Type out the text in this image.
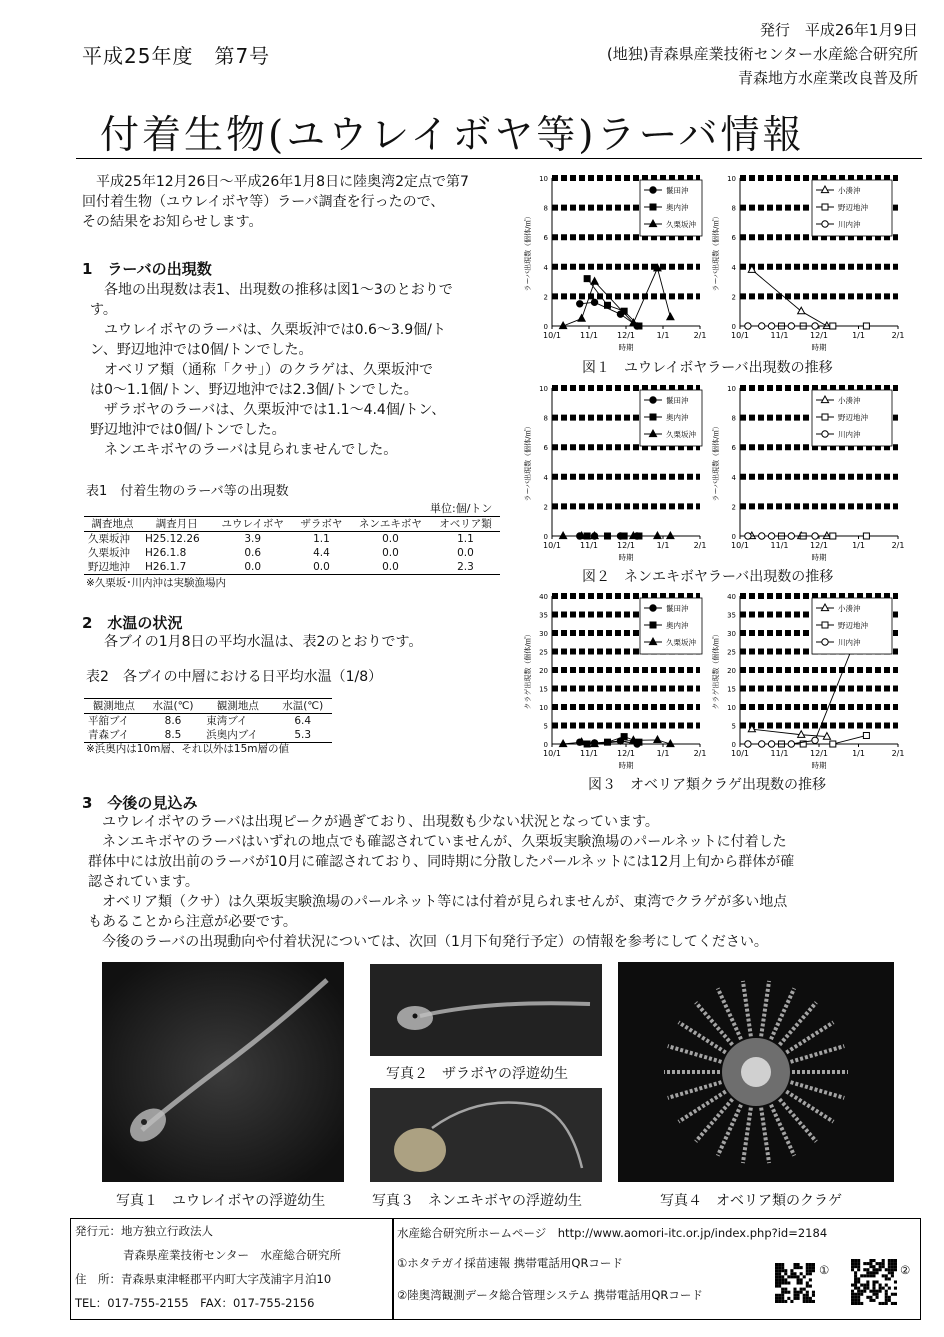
平成25年度　第7号
発行　平成26年1月9日
(地独)青森県産業技術センター水産総合研究所
青森地方水産業改良普及所
付着生物(ユウレイボヤ等)ラーバ情報
平成25年12月26日～平成26年1月8日に陸奥湾2定点で第7
回付着生物（ユウレイボヤ等）ラーバ調査を行ったので、
その結果をお知らせします。
1　ラーバの出現数
各地の出現数は表1、出現数の推移は図1～3のとおりで
す。
ユウレイボヤのラーバは、久栗坂沖では0.6～3.9個/ト
ン、野辺地沖では0個/トンでした。
オベリア類（通称「クサ」）のクラゲは、久栗坂沖で
は0～1.1個/トン、野辺地沖では2.3個/トンでした。
ザラボヤのラーバは、久栗坂沖では1.1～4.4個/トン、
野辺地沖では0個/トンでした。
ネンエキボヤのラーバは見られませんでした。
表1　付着生物のラーバ等の出現数
単位:個/トン
調査地点	調査月日	ユウレイボヤ	ザラボヤ	ネンエキボヤ	オベリア類
久栗坂沖	H25.12.26	3.9	1.1	0.0	1.1
久栗坂沖	H26.1.8	0.6	4.4	0.0	0.0
野辺地沖	H26.1.7	0.0	0.0	0.0	2.3
※久栗坂･川内沖は実験漁場内
2　水温の状況
各ブイの1月8日の平均水温は、表2のとおりです。
表2　各ブイの中層における日平均水温（1/8）
観測地点	水温(℃)	観測地点	水温(℃)
平舘ブイ	8.6	東湾ブイ	6.4
青森ブイ	8.5	浜奥内ブイ	5.3
※浜奥内は10m層、それ以外は15m層の値
0
2
4
6
8
10
10/1 11/1 12/1	1/1	2/1
時期
ラーバ出現数（個体/㎥）
鬣田沖
奥内沖
久栗坂沖
0
2
4
6
8
10
10/1	11/1	12/1	1/1	2/1
時期
ラーバ出現数（個体/㎥）
小湊沖
野辺地沖
川内沖
図１　ユウレイボヤラーバ出現数の推移
0
2
4
6
8
10
10/1 11/1 12/1	1/1	2/1
時期
ラーバ出現数（個体/㎥）
鬣田沖
奥内沖
久栗坂沖
0
2
4
6
8
10
10/1	11/1	12/1	1/1	2/1
時期
ラーバ出現数（個体/㎥）
小湊沖
野辺地沖
川内沖
図２　ネンエキボヤラーバ出現数の推移
0
5
10
15
20
25
30
35
40
10/1 11/1 12/1	1/1	2/1
時期
クラゲ出現数（個体/㎥）
鬣田沖
奥内沖
久栗坂沖
0
5
10
15
20
25
30
35
40
10/1	11/1	12/1	1/1	2/1
時期
クラゲ出現数（個体/㎥）
小湊沖
野辺地沖
川内沖
図３　オベリア類クラゲ出現数の推移
3　今後の見込み
ユウレイボヤのラーバは出現ピークが過ぎており、出現数も少ない状況となっています。
ネンエキボヤのラーバはいずれの地点でも確認されていませんが、久栗坂実験漁場のパールネットに付着した
群体中には放出前のラーバが10月に確認されており、同時期に分散したパールネットには12月上旬から群体が確
認されています。
オベリア類（クサ）は久栗坂実験漁場のパールネット等には付着が見られませんが、東湾でクラゲが多い地点
もあることから注意が必要です。
今後のラーバの出現動向や付着状況については、次回（1月下旬発行予定）の情報を参考にしてください。
写真１　ユウレイボヤの浮遊幼生
写真２　ザラボヤの浮遊幼生
写真３　ネンエキボヤの浮遊幼生	写真４　オベリア類のクラゲ
発行元：地方独立行政法人
青森県産業技術センター　水産総合研究所
住　所：青森県東津軽郡平内町大字茂浦字月泊10
TEL：017-755-2155　FAX：017-755-2156
水産総合研究所ホームページ　http://www.aomori-itc.or.jp/index.php?id=2184
①ホタテガイ採苗速報 携帯電話用QRコード
②陸奥湾観測データ総合管理システム 携帯電話用QRコード
①	②
